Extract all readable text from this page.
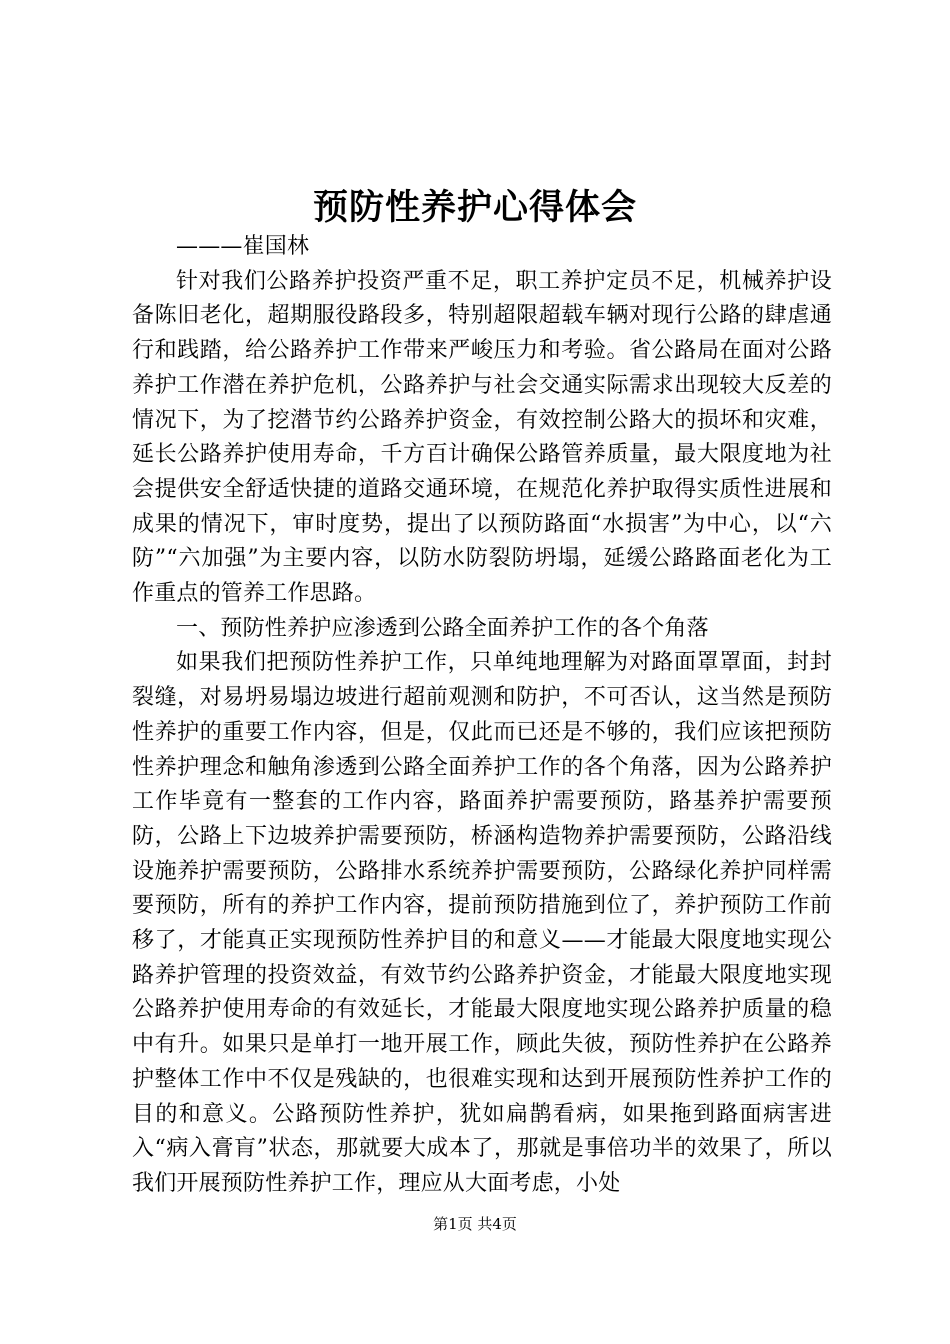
预防性养护心得体会

———崔国林

针对我们公路养护投资严重不足，职工养护定员不足，机械养护设备陈旧老化，超期服役路段多，特别超限超载车辆对现行公路的肆虐通行和践踏，给公路养护工作带来严峻压力和考验。省公路局在面对公路养护工作潜在养护危机，公路养护与社会交通实际需求出现较大反差的情况下，为了挖潜节约公路养护资金，有效控制公路大的损坏和灾难，延长公路养护使用寿命，千方百计确保公路管养质量，最大限度地为社会提供安全舒适快捷的道路交通环境，在规范化养护取得实质性进展和成果的情况下，审时度势，提出了以预防路面“水损害”为中心，以“六防”“六加强”为主要内容，以防水防裂防坍塌，延缓公路路面老化为工作重点的管养工作思路。

一、预防性养护应渗透到公路全面养护工作的各个角落

如果我们把预防性养护工作，只单纯地理解为对路面罩罩面，封封裂缝，对易坍易塌边坡进行超前观测和防护，不可否认，这当然是预防性养护的重要工作内容，但是，仅此而已还是不够的，我们应该把预防性养护理念和触角渗透到公路全面养护工作的各个角落，因为公路养护工作毕竟有一整套的工作内容，路面养护需要预防，路基养护需要预防，公路上下边坡养护需要预防，桥涵构造物养护需要预防，公路沿线设施养护需要预防，公路排水系统养护需要预防，公路绿化养护同样需要预防，所有的养护工作内容，提前预防措施到位了，养护预防工作前移了，才能真正实现预防性养护目的和意义——才能最大限度地实现公路养护管理的投资效益，有效节约公路养护资金，才能最大限度地实现公路养护使用寿命的有效延长，才能最大限度地实现公路养护质量的稳中有升。如果只是单打一地开展工作，顾此失彼，预防性养护在公路养护整体工作中不仅是残缺的，也很难实现和达到开展预防性养护工作的目的和意义。公路预防性养护，犹如扁鹊看病，如果拖到路面病害进入“病入膏肓”状态，那就要大成本了，那就是事倍功半的效果了，所以我们开展预防性养护工作，理应从大面考虑，小处

第1页 共4页
